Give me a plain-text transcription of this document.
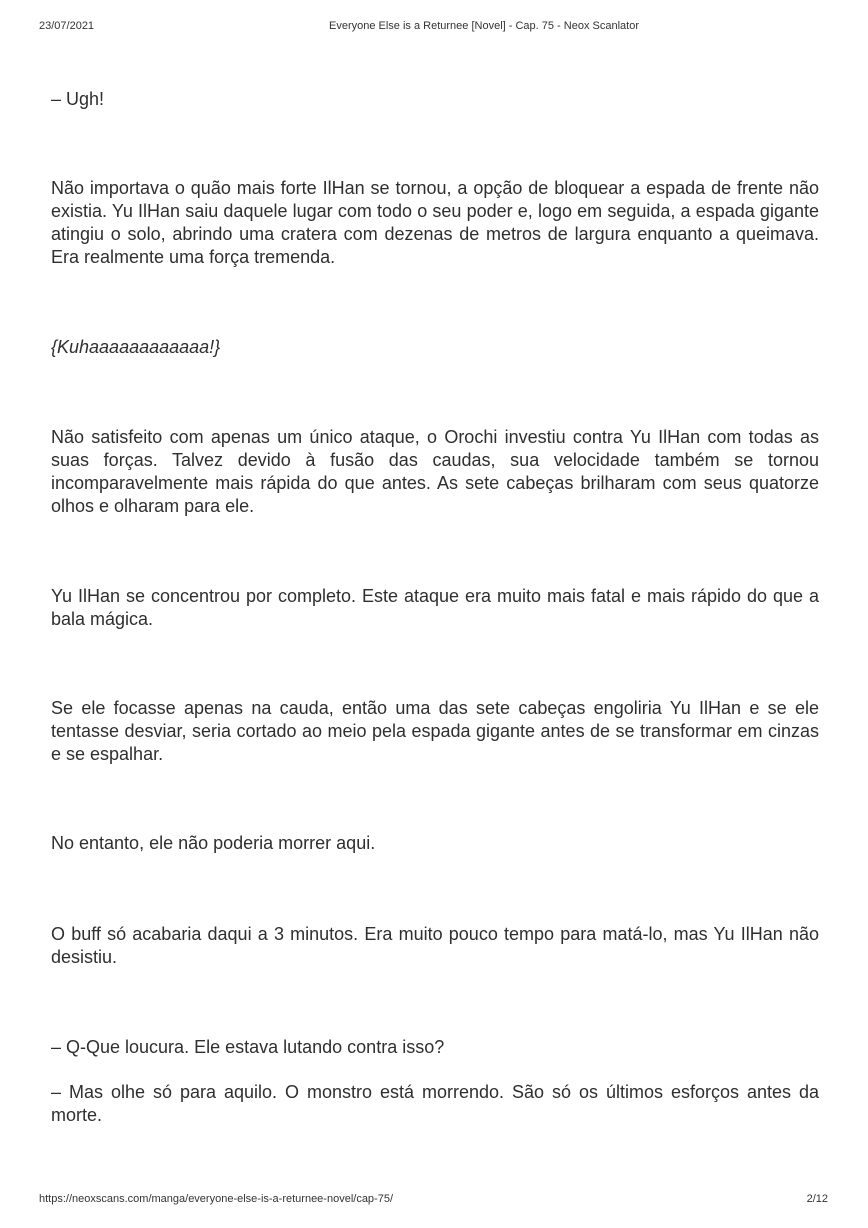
23/07/2021	Everyone Else is a Returnee [Novel] - Cap. 75 - Neox Scanlator

– Ugh!

Não importava o quão mais forte IlHan se tornou, a opção de bloquear a espada de frente não existia. Yu IlHan saiu daquele lugar com todo o seu poder e, logo em seguida, a espada gigante atingiu o solo, abrindo uma cratera com dezenas de metros de largura enquanto a queimava. Era realmente uma força tremenda.

{Kuhaaaaaaaaaaaa!}

Não satisfeito com apenas um único ataque, o Orochi investiu contra Yu IlHan com todas as suas forças. Talvez devido à fusão das caudas, sua velocidade também se tornou incomparavelmente mais rápida do que antes. As sete cabeças brilharam com seus quatorze olhos e olharam para ele.

Yu IlHan se concentrou por completo. Este ataque era muito mais fatal e mais rápido do que a bala mágica.

Se ele focasse apenas na cauda, então uma das sete cabeças engoliria Yu IlHan e se ele tentasse desviar, seria cortado ao meio pela espada gigante antes de se transformar em cinzas e se espalhar.

No entanto, ele não poderia morrer aqui.

O buff só acabaria daqui a 3 minutos. Era muito pouco tempo para matá-lo, mas Yu IlHan não desistiu.

– Q-Que loucura. Ele estava lutando contra isso?

– Mas olhe só para aquilo. O monstro está morrendo. São só os últimos esforços antes da morte.

https://neoxscans.com/manga/everyone-else-is-a-returnee-novel/cap-75/	2/12
